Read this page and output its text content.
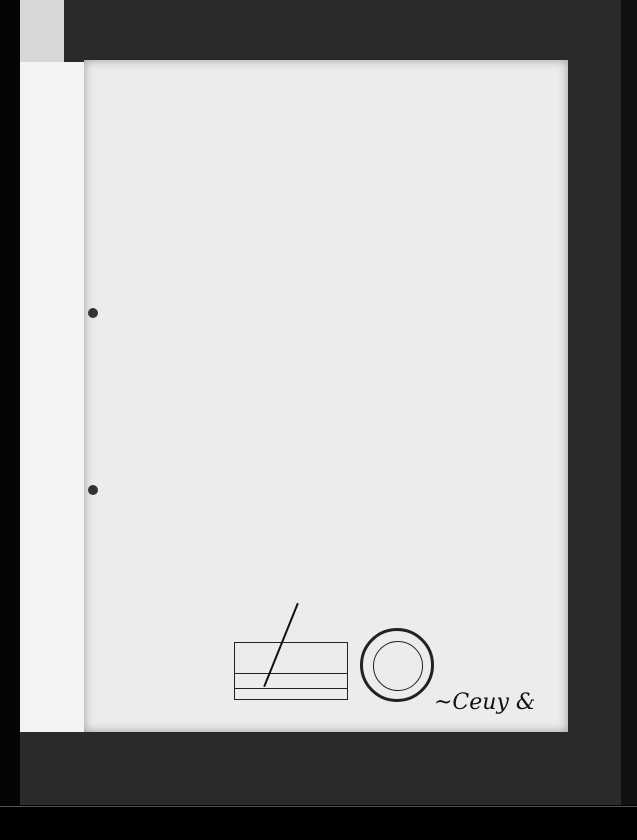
~Ceuy &
